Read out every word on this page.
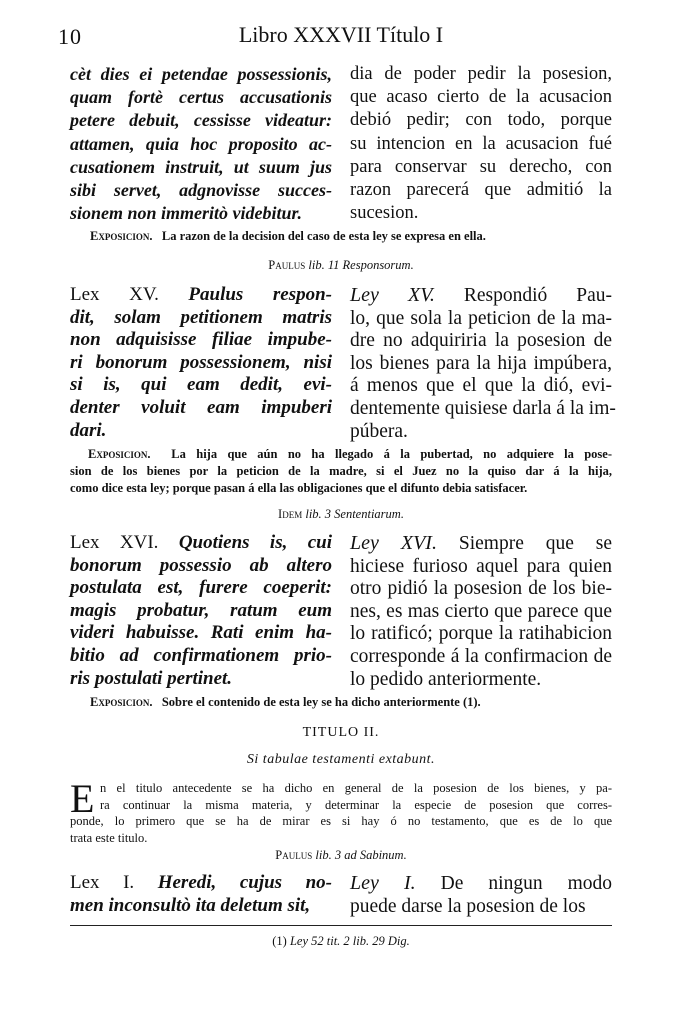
10	Libro XXXVII Título I
cèt dies ei petendae possessionis,
quam fortè certus accusationis
petere debuit, cessisse videatur:
attamen, quia hoc proposito ac-
cusationem instruit, ut suum jus
sibi servet, adgnovisse succes-
sionem non immeritò videbitur.
dia de poder pedir la posesion,
que acaso cierto de la acusacion
debió pedir; con todo, porque
su intencion en la acusacion fué
para conservar su derecho, con
razon parecerá que admitió la
sucesion.
Exposicion. La razon de la decision del caso de esta ley se expresa en ella.
Paulus lib. 11 Responsorum.
Lex XV. Paulus respon-
dit, solam petitionem matris
non adquisisse filiae impube-
ri bonorum possessionem, nisi
si is, qui eam dedit, evi-
denter voluit eam impuberi
dari.
Ley XV. Respondió Pau-
lo, que sola la peticion de la ma-
dre no adquiriria la posesion de
los bienes para la hija impúbera,
á menos que el que la dió, evi-
dentemente quisiese darla á la im-
púbera.
Exposicion. La hija que aún no ha llegado á la pubertad, no adquiere la pose-
sion de los bienes por la peticion de la madre, si el Juez no la quiso dar á la hija,
como dice esta ley; porque pasan á ella las obligaciones que el difunto debia satisfacer.
Idem lib. 3 Sententiarum.
Lex XVI. Quotiens is, cui
bonorum possessio ab altero
postulata est, furere coeperit:
magis probatur, ratum eum
videri habuisse. Rati enim ha-
bitio ad confirmationem prio-
ris postulati pertinet.
Ley XVI. Siempre que se
hiciese furioso aquel para quien
otro pidió la posesion de los bie-
nes, es mas cierto que parece que
lo ratificó; porque la ratihabicion
corresponde á la confirmacion de
lo pedido anteriormente.
Exposicion. Sobre el contenido de esta ley se ha dicho anteriormente (1).
TITULO II.
Si tabulae testamenti extabunt.
E n el titulo antecedente se ha dicho en general de la posesion de los bienes, y pa-
ra continuar la misma materia, y determinar la especie de posesion que corres-
ponde, lo primero que se ha de mirar es si hay ó no testamento, que es de lo que
trata este titulo.
Paulus lib. 3 ad Sabinum.
Lex I. Heredi, cujus no-
men inconsultò ita deletum sit,
Ley I. De ningun modo
puede darse la posesion de los
(1) Ley 52 tit. 2 lib. 29 Dig.
